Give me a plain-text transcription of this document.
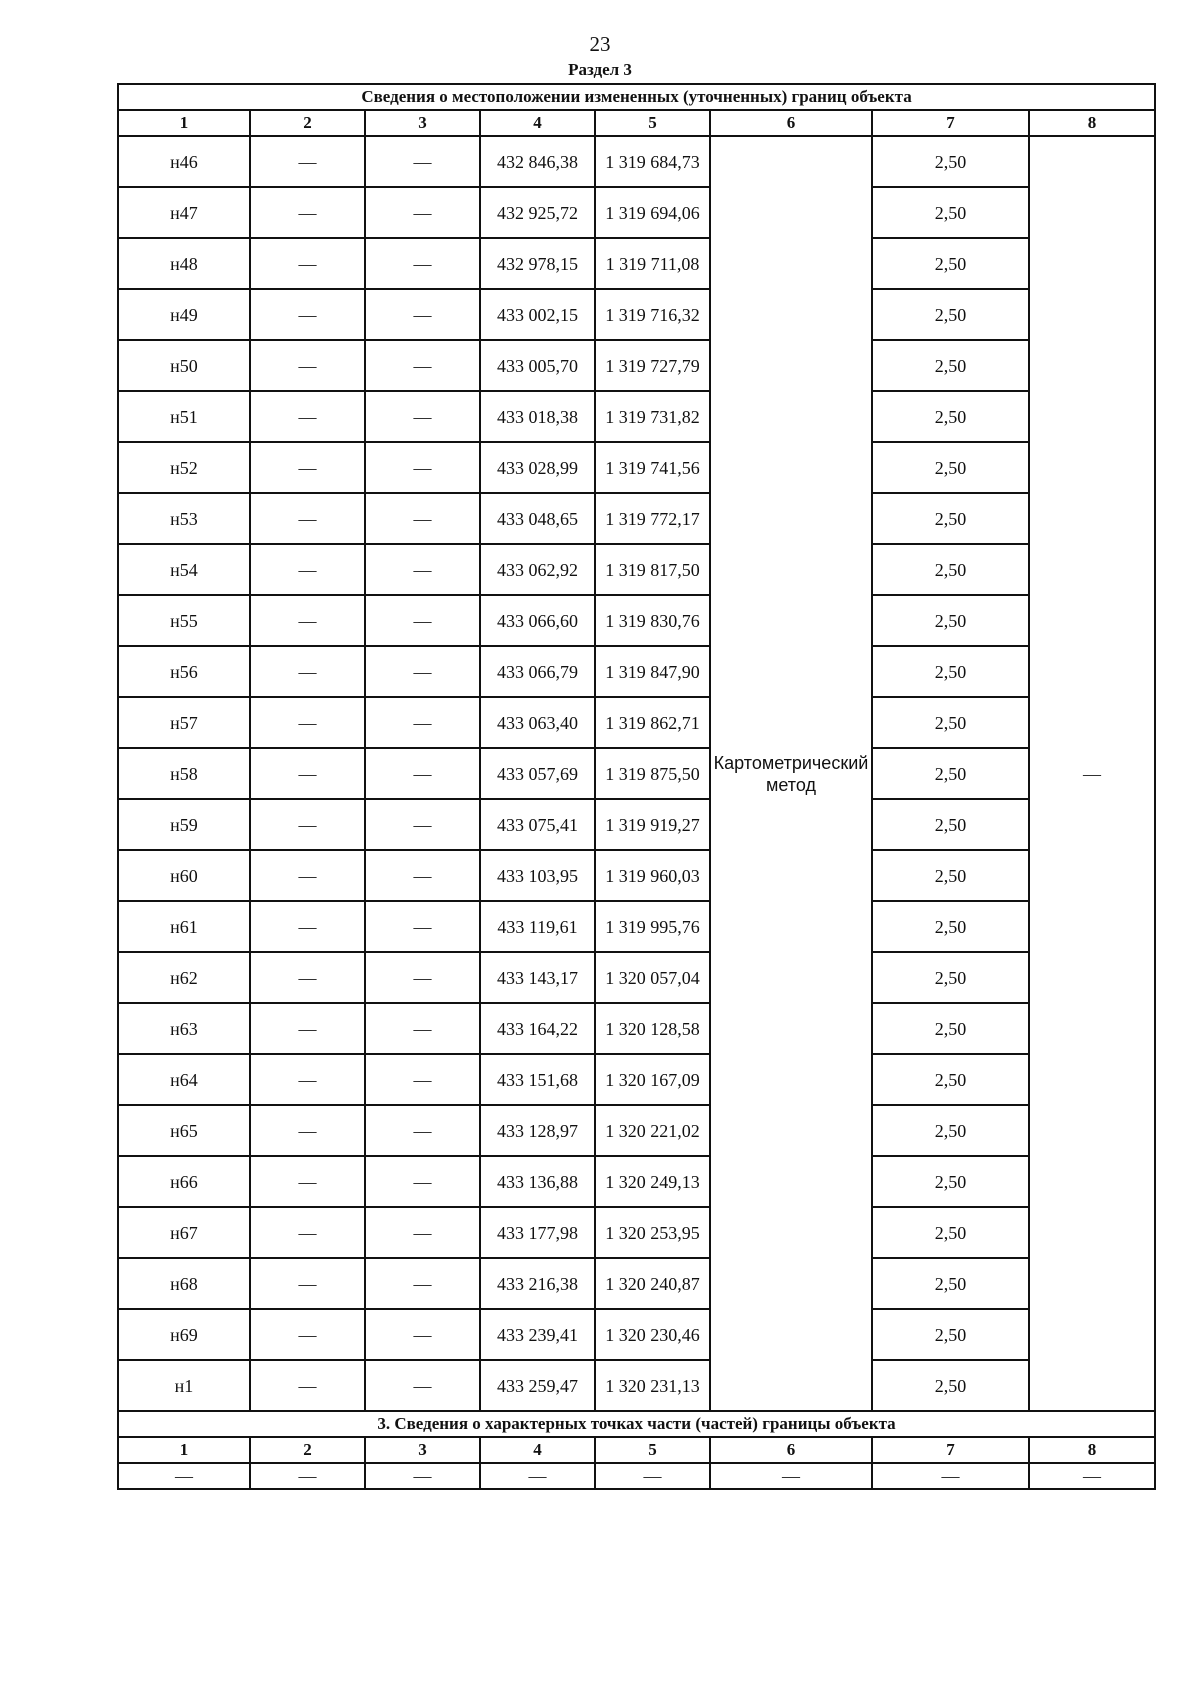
23
Раздел 3
Сведения о местоположении измененных (уточненных) границ объекта							
1	2	3	4	5	6	7	8
н46	—	—	432 846,38	1 319 684,73	Картометрический метод	2,50	—
н47	—	—	432 925,72	1 319 694,06		2,50	
н48	—	—	432 978,15	1 319 711,08		2,50	
н49	—	—	433 002,15	1 319 716,32		2,50	
н50	—	—	433 005,70	1 319 727,79		2,50	
н51	—	—	433 018,38	1 319 731,82		2,50	
н52	—	—	433 028,99	1 319 741,56		2,50	
н53	—	—	433 048,65	1 319 772,17		2,50	
н54	—	—	433 062,92	1 319 817,50		2,50	
н55	—	—	433 066,60	1 319 830,76		2,50	
н56	—	—	433 066,79	1 319 847,90		2,50	
н57	—	—	433 063,40	1 319 862,71		2,50	
н58	—	—	433 057,69	1 319 875,50		2,50	
н59	—	—	433 075,41	1 319 919,27		2,50	
н60	—	—	433 103,95	1 319 960,03		2,50	
н61	—	—	433 119,61	1 319 995,76		2,50	
н62	—	—	433 143,17	1 320 057,04		2,50	
н63	—	—	433 164,22	1 320 128,58		2,50	
н64	—	—	433 151,68	1 320 167,09		2,50	
н65	—	—	433 128,97	1 320 221,02		2,50	
н66	—	—	433 136,88	1 320 249,13		2,50	
н67	—	—	433 177,98	1 320 253,95		2,50	
н68	—	—	433 216,38	1 320 240,87		2,50	
н69	—	—	433 239,41	1 320 230,46		2,50	
н1	—	—	433 259,47	1 320 231,13		2,50	
3. Сведения о характерных точках части (частей) границы объекта							
1	2	3	4	5	6	7	8
—	—	—	—	—	—	—	—
